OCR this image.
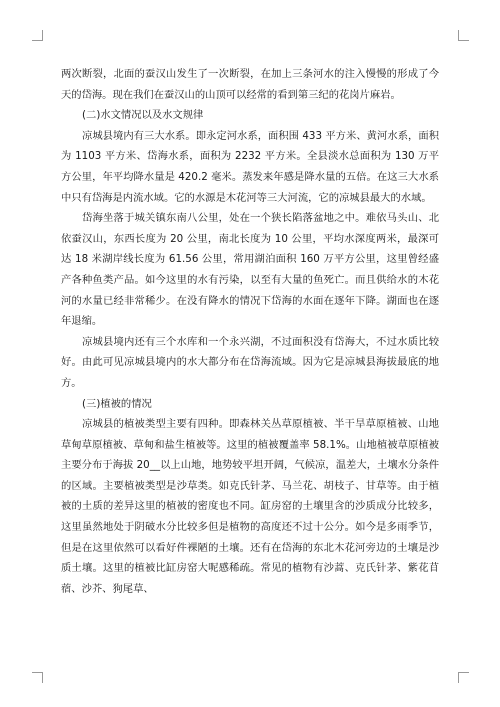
两次断裂，北面的蚕汉山发生了一次断裂，在加上三条河水的注入慢慢的形成了今天的岱海。现在我们在蚕汉山的山顶可以经常的看到第三纪的花岗片麻岩。

(二)水文情况以及水文规律

凉城县境内有三大水系。即永定河水系，面积围 433 平方米、黄河水系，面积为 1103 平方米、岱海水系，面积为 2232 平方米。全县淡水总面积为 130 万平方公里，年平均降水量是 420.2 毫米。蒸发来年感是降水量的五倍。在这三大水系中只有岱海是内流水域。它的水源是木花河等三大河流，它的凉城县最大的水域。

岱海坐落于城关镇东南八公里，处在一个狭长陷落盆地之中。难依马头山、北依蚕汉山，东西长度为 20 公里，南北长度为 10 公里，平均水深度两米，最深可达 18 米湖岸线长度为 61.56 公里，常用湖泊面积 160 万平方公里，这里曾经盛产各种鱼类产品。如今这里的水有污染，以至有大量的鱼死亡。而且供给水的木花河的水量已经非常稀少。在没有降水的情况下岱海的水面在逐年下降。湖面也在逐年退缩。

凉城县境内还有三个水库和一个永兴湖，不过面积没有岱海大，不过水质比较好。由此可见凉城县境内的水大都分布在岱海流域。因为它是凉城县海拔最底的地方。

(三)植被的情况

凉城县的植被类型主要有四种。即森林关丛草原植被、半干旱草原植被、山地草甸草原植被、草甸和盐生植被等。这里的植被覆盖率 58.1%。山地植被草原植被主要分布于海拔 20__以上山地，地势较平坦开阔，气候凉，温差大，土壤水分条件的区域。主要植被类型是沙草类。如克氏针茅、马兰花、胡枝子、甘草等。由于植被的土质的差异这里的植被的密度也不同。缸房窑的土壤里含的沙质成分比较多，这里虽然地处于阴破水分比较多但是植物的高度还不过十公分。如今是多雨季节，但是在这里依然可以看好件裸陋的土壤。还有在岱海的东北木花河旁边的土壤是沙质土壤。这里的植被比缸房窑大呢感稀疏。常见的植物有沙蒿、克氏针茅、紫花苜蓿、沙芥、狗尾草、
